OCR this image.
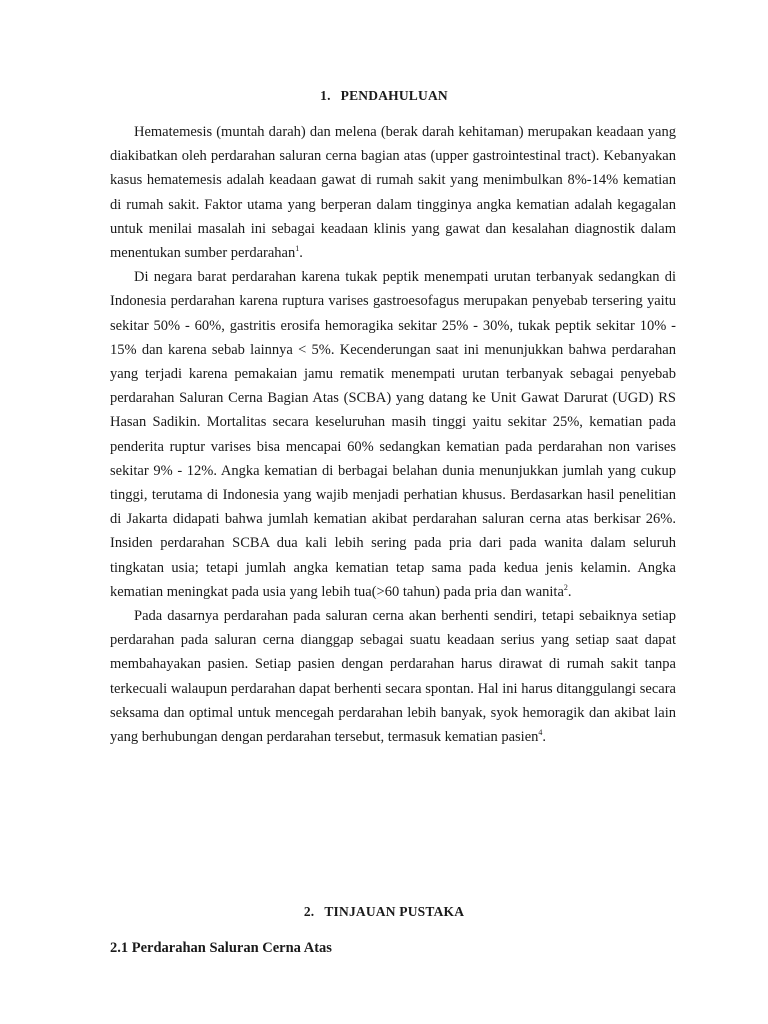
1. PENDAHULUAN

Hematemesis (muntah darah) dan melena (berak darah kehitaman) merupakan keadaan yang diakibatkan oleh perdarahan saluran cerna bagian atas (upper gastrointestinal tract). Kebanyakan kasus hematemesis adalah keadaan gawat di rumah sakit yang menimbulkan 8%-14% kematian di rumah sakit. Faktor utama yang berperan dalam tingginya angka kematian adalah kegagalan untuk menilai masalah ini sebagai keadaan klinis yang gawat dan kesalahan diagnostik dalam menentukan sumber perdarahan$^1$.

Di negara barat perdarahan karena tukak peptik menempati urutan terbanyak sedangkan di Indonesia perdarahan karena ruptura varises gastroesofagus merupakan penyebab tersering yaitu sekitar 50% - 60%, gastritis erosifa hemoragika sekitar 25% - 30%, tukak peptik sekitar 10% - 15% dan karena sebab lainnya < 5%. Kecenderungan saat ini menunjukkan bahwa perdarahan yang terjadi karena pemakaian jamu rematik menempati urutan terbanyak sebagai penyebab perdarahan Saluran Cerna Bagian Atas (SCBA) yang datang ke Unit Gawat Darurat (UGD) RS Hasan Sadikin. Mortalitas secara keseluruhan masih tinggi yaitu sekitar 25%, kematian pada penderita ruptur varises bisa mencapai 60% sedangkan kematian pada perdarahan non varises sekitar 9% - 12%. Angka kematian di berbagai belahan dunia menunjukkan jumlah yang cukup tinggi, terutama di Indonesia yang wajib menjadi perhatian khusus. Berdasarkan hasil penelitian di Jakarta didapati bahwa jumlah kematian akibat perdarahan saluran cerna atas berkisar 26%. Insiden perdarahan SCBA dua kali lebih sering pada pria dari pada wanita dalam seluruh tingkatan usia; tetapi jumlah angka kematian tetap sama pada kedua jenis kelamin. Angka kematian meningkat pada usia yang lebih tua(>60 tahun) pada pria dan wanita$^2$.

Pada dasarnya perdarahan pada saluran cerna akan berhenti sendiri, tetapi sebaiknya setiap perdarahan pada saluran cerna dianggap sebagai suatu keadaan serius yang setiap saat dapat membahayakan pasien. Setiap pasien dengan perdarahan harus dirawat di rumah sakit tanpa terkecuali walaupun perdarahan dapat berhenti secara spontan. Hal ini harus ditanggulangi secara seksama dan optimal untuk mencegah perdarahan lebih banyak, syok hemoragik dan akibat lain yang berhubungan dengan perdarahan tersebut, termasuk kematian pasien$^4$.

2. TINJAUAN PUSTAKA
2.1 Perdarahan Saluran Cerna Atas
